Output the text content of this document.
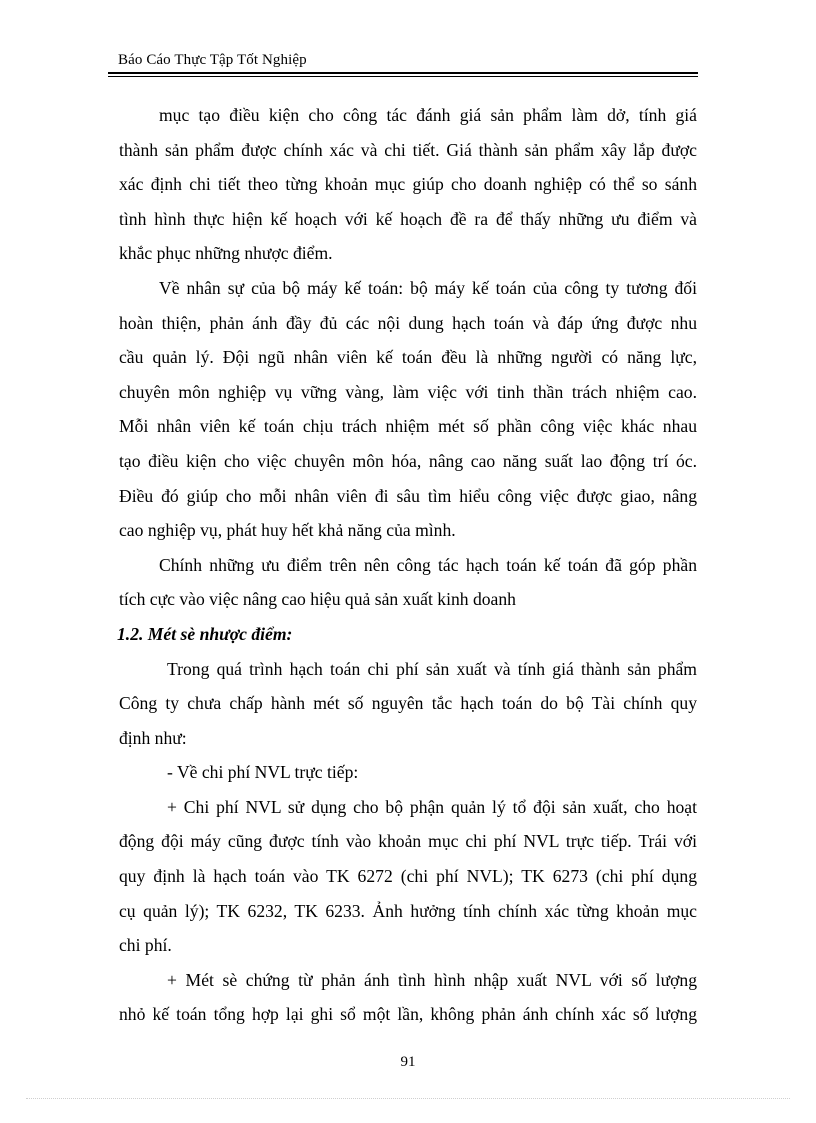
Báo Cáo Thực Tập Tốt Nghiệp
mục tạo điều kiện cho công tác đánh giá sản phẩm làm dở, tính giá
thành sản phẩm được chính xác và chi tiết. Giá thành sản phẩm xây lắp được
xác định chi tiết theo từng khoản mục giúp cho doanh nghiệp có thể so sánh
tình hình thực hiện kế hoạch với kế hoạch đề ra để thấy những ưu điểm và
khắc phục những nhược điểm.
Về nhân sự của bộ máy kế toán: bộ máy kế toán của công ty tương đối
hoàn thiện, phản ánh đầy đủ các nội dung hạch toán và đáp ứng được nhu
cầu quản lý. Đội ngũ nhân viên kế toán đều là những người có năng lực,
chuyên môn nghiệp vụ vững vàng, làm việc với tinh thần trách nhiệm cao.
Mỗi nhân viên kế toán chịu trách nhiệm mét số phần công việc khác nhau
tạo điều kiện cho việc chuyên môn hóa, nâng cao năng suất lao động trí óc.
Điều đó giúp cho mỗi nhân viên đi sâu tìm hiểu công việc được giao, nâng
cao nghiệp vụ, phát huy hết khả năng của mình.
Chính những ưu điểm trên nên công tác hạch toán kế toán đã góp phần
tích cực vào việc nâng cao hiệu quả sản xuất kinh doanh
1.2. Mét sè nhược điểm:
Trong quá trình hạch toán chi phí sản xuất và tính giá thành sản phẩm
Công ty chưa chấp hành mét số nguyên tắc hạch toán do bộ Tài chính quy
định như:
- Về chi phí NVL trực tiếp:
+ Chi phí NVL sử dụng cho bộ phận quản lý tổ đội sản xuất, cho hoạt
động đội máy cũng được tính vào khoản mục chi phí NVL trực tiếp. Trái với
quy định là hạch toán vào TK 6272 (chi phí NVL); TK 6273 (chi phí dụng
cụ quản lý); TK 6232, TK 6233. Ảnh hưởng tính chính xác từng khoản mục
chi phí.
+ Mét sè chứng từ phản ánh tình hình nhập xuất NVL với số lượng
nhỏ kế toán tổng hợp lại ghi sổ một lần, không phản ánh chính xác số lượng
91
